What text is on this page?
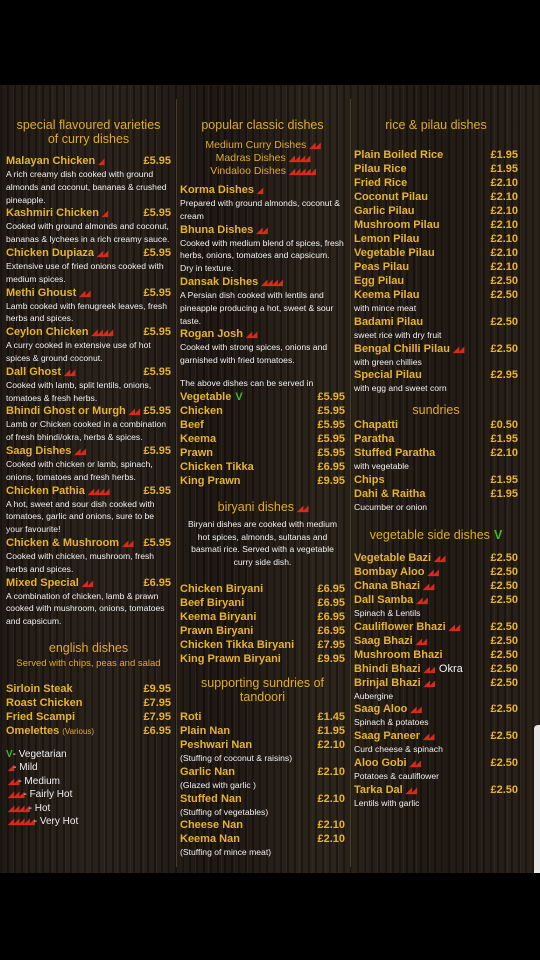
special flavoured varieties of curry dishes
Malayan Chicken ◢	£5.95
A rich creamy dish cooked with ground almonds and coconut, bananas & crushed pineapple.
Kashmiri Chicken ◢	£5.95
Cooked with ground almonds and coconut, bananas & lychees in a rich creamy sauce.
Chicken Dupiaza ◢◢	£5.95
Extensive use of fried onions cooked with medium spices.
Methi Ghoust ◢◢	£5.95
Lamb cooked with fenugreek leaves, fresh herbs and spices.
Ceylon Chicken ◢◢◢◢	£5.95
A curry cooked in extensive use of hot spices & ground coconut.
Dall Ghost ◢◢	£5.95
Cooked with lamb, split lentils, onions, tomatoes & fresh herbs.
Bhindi Ghost or Murgh ◢◢ £5.95
Lamb or Chicken cooked in a combination of fresh bhindi/okra, herbs & spices.
Saag Dishes ◢◢	£5.95
Cooked with chicken or lamb, spinach, onions, tomatoes and fresh herbs.
Chicken Pathia ◢◢◢◢	£5.95
A hot, sweet and sour dish cooked with tomatoes, garlic and onions, sure to be your favourite!
Chicken & Mushroom ◢◢ £5.95
Cooked with chicken, mushroom, fresh herbs and spices.
Mixed Special ◢◢	£6.95
A combination of chicken, lamb & prawn cooked with mushroom, onions, tomatoes and capsicum.
english dishes
Served with chips, peas and salad
Sirloin Steak	£9.95
Roast Chicken	£7.95
Fried Scampi	£7.95
Omelettes (Various)	£6.95
V- Vegetarian
◢- Mild
◢◢- Medium
◢◢◢- Fairly Hot
◢◢◢◢- Hot
◢◢◢◢◢- Very Hot
popular classic dishes
Medium Curry Dishes ◢◢
Madras Dishes ◢◢◢◢
Vindaloo Dishes ◢◢◢◢◢
Korma Dishes ◢
Prepared with ground almonds, coconut & cream
Bhuna Dishes ◢◢
Cooked with medium blend of spices, fresh herbs, onions, tomatoes and capsicum. Dry in texture.
Dansak Dishes ◢◢◢◢
A Persian dish cooked with lentils and pineapple producing a hot, sweet & sour taste.
Rogan Josh ◢◢
Cooked with strong spices, onions and garnished with fried tomatoes.
The above dishes can be served in
Vegetable V	£5.95
Chicken	£5.95
Beef	£5.95
Keema	£5.95
Prawn	£5.95
Chicken Tikka	£6.95
King Prawn	£9.95
biryani dishes ◢◢
Biryani dishes are cooked with medium hot spices, almonds, sultanas and basmati rice. Served with a vegetable curry side dish.
Chicken Biryani	£6.95
Beef Biryani	£6.95
Keema Biryani	£6.95
Prawn Biryani	£6.95
Chicken Tikka Biryani £7.95
King Prawn Biryani	£9.95
supporting sundries of tandoori
Roti	£1.45
Plain Nan	£1.95
Peshwari Nan	£2.10
(Stuffing of coconut & raisins)
Garlic Nan	£2.10
(Glazed with garlic )
Stuffed Nan	£2.10
(Stuffing of vegetables)
Cheese Nan	£2.10
Keema Nan	£2.10
(Stuffing of mince meat)
rice & pilau dishes
Plain Boiled Rice	£1.95
Pilau Rice	£1.95
Fried Rice	£2.10
Coconut Pilau	£2.10
Garlic Pilau	£2.10
Mushroom Pilau	£2.10
Lemon Pilau	£2.10
Vegetable Pilau	£2.10
Peas Pilau	£2.10
Egg Pilau	£2.50
Keema Pilau	£2.50
with mince meat
Badami Pilau	£2.50
sweet rice with dry fruit
Bengal Chilli Pilau ◢◢ £2.50
with green chillies
Special Pilau	£2.95
with egg and sweet corn
sundries
Chapatti	£0.50
Paratha	£1.95
Stuffed Paratha	£2.10
with vegetable
Chips	£1.95
Dahi & Raitha	£1.95
Cucumber or onion
vegetable side dishes V
Vegetable Bazi ◢◢	£2.50
Bombay Aloo ◢◢	£2.50
Chana Bhazi ◢◢	£2.50
Dall Samba ◢◢	£2.50
Spinach & Lentils
Cauliflower Bhazi ◢◢	£2.50
Saag Bhazi ◢◢	£2.50
Mushroom Bhazi	£2.50
Bhindi Bhazi ◢◢ Okra	£2.50
Brinjal Bhazi ◢◢	£2.50
Aubergine
Saag Aloo ◢◢	£2.50
Spinach & potatoes
Saag Paneer ◢◢	£2.50
Curd cheese & spinach
Aloo Gobi ◢◢	£2.50
Potatoes & cauliflower
Tarka Dal ◢◢	£2.50
Lentils with garlic
